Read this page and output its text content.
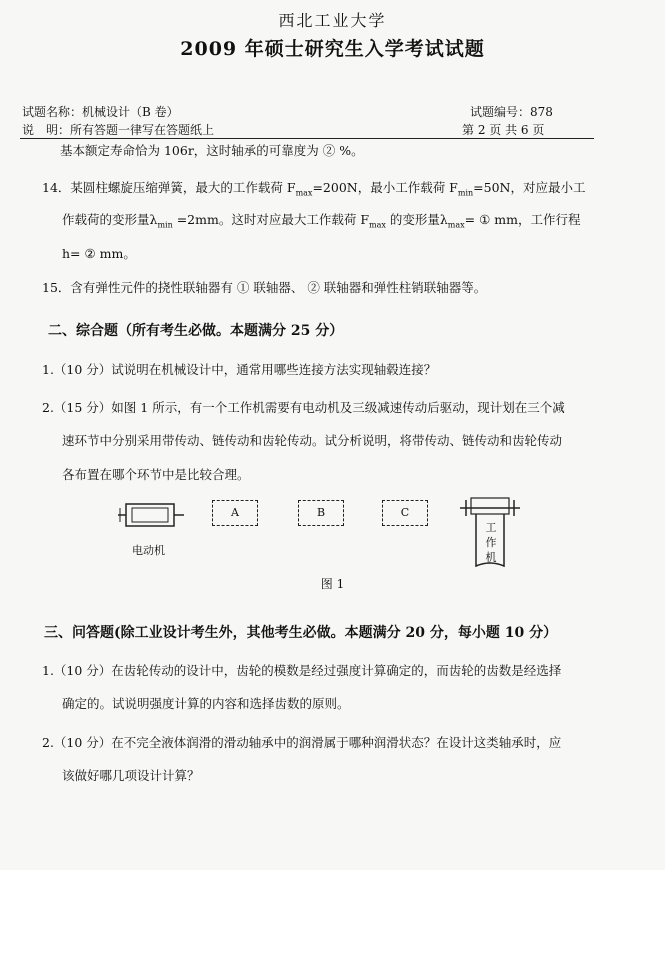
西北工业大学
2009 年硕士研究生入学考试试题
试题名称：机械设计（B 卷）	试题编号：878
说　明：所有答题一律写在答题纸上	第 2 页 共 6 页
基本额定寿命恰为 106r，这时轴承的可靠度为 ② %。
14．某圆柱螺旋压缩弹簧，最大的工作载荷 $F_{max}=200N$，最小工作载荷 $F_{min}=50N$，对应最小工
作载荷的变形量$\lambda_{min} =2mm$。这时对应最大工作载荷 $F_{max}$ 的变形量$\lambda_{max}=$ ① mm，工作行程
h= ② mm。
15．含有弹性元件的挠性联轴器有 ① 联轴器、 ② 联轴器和弹性柱销联轴器等。
二、综合题（所有考生必做。本题满分 25 分）
1.（10 分）试说明在机械设计中，通常用哪些连接方法实现轴毂连接？
2.（15 分）如图 1 所示，有一个工作机需要有电动机及三级减速传动后驱动，现计划在三个减
速环节中分别采用带传动、链传动和齿轮传动。试分析说明，将带传动、链传动和齿轮传动
各布置在哪个环节中是比较合理。
电动机
A	B	C
工
作
机
图 1
三、问答题(除工业设计考生外，其他考生必做。本题满分 20 分，每小题 10 分）
1.（10 分）在齿轮传动的设计中，齿轮的模数是经过强度计算确定的，而齿轮的齿数是经选择
确定的。试说明强度计算的内容和选择齿数的原则。
2.（10 分）在不完全液体润滑的滑动轴承中的润滑属于哪种润滑状态？在设计这类轴承时，应
该做好哪几项设计计算？
